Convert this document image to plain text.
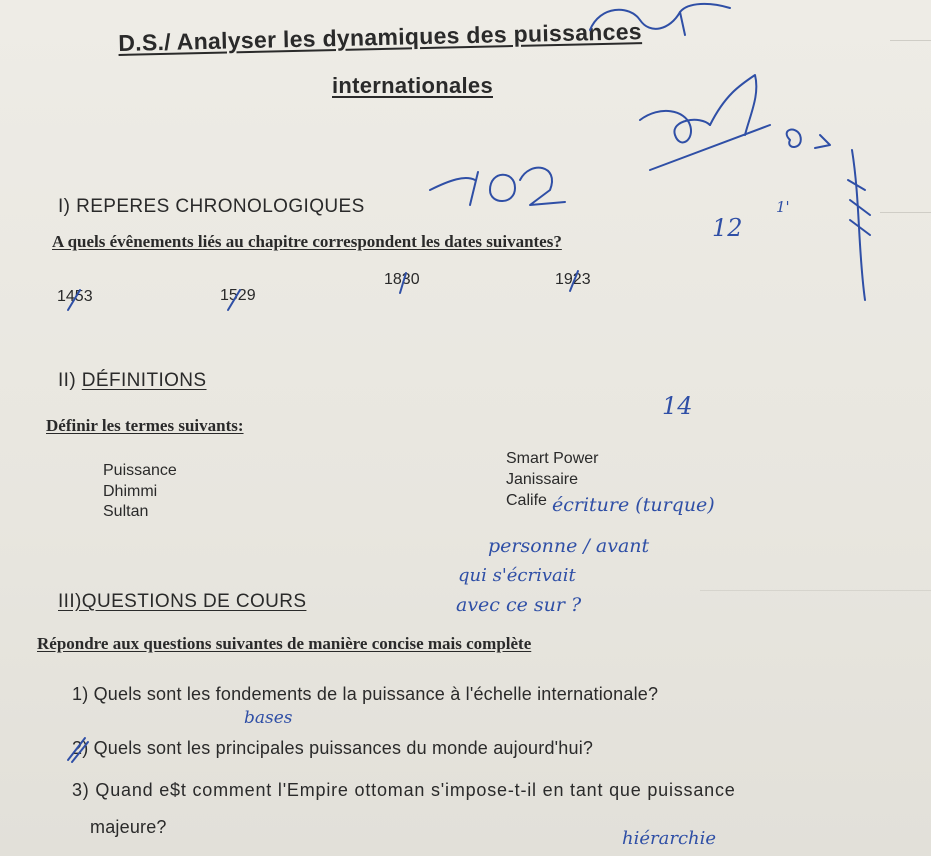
D.S./ Analyser les dynamiques des puissances
internationales
I) REPERES CHRONOLOGIQUES
A quels évênements liés au chapitre correspondent les dates suivantes?
1453	1529
1830	1923
II) DÉFINITIONS
Définir les termes suivants:
Puissance
Dhimmi
Sultan
Smart Power
Janissaire
Calife
III)QUESTIONS DE COURS
Répondre aux questions suivantes de manière concise mais complète
1) Quels sont les fondements de la puissance à l'échelle internationale?
2) Quels sont les principales puissances du monde aujourd'hui?
3) Quand e$t comment l'Empire ottoman s'impose-t-il en tant que puissance
majeure?
1'
12
14
écriture (turque)
personne / avant
qui s'écrivait
avec ce sur ?
bases
hiérarchie
